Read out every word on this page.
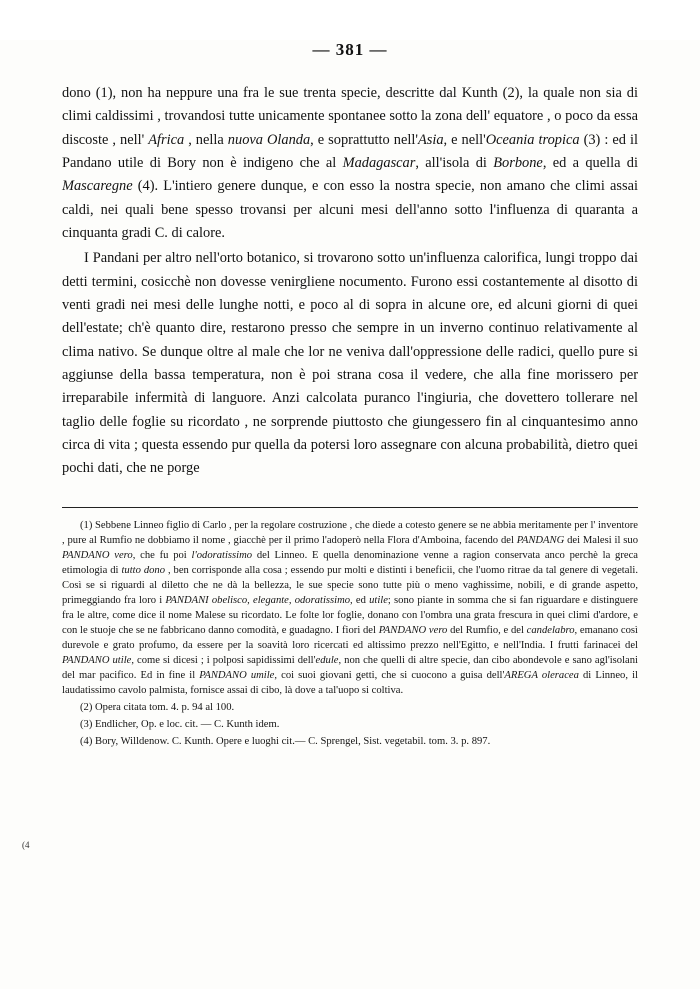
— 381 —

dono (1), non ha neppure una fra le sue trenta specie, descritte dal Kunth (2), la quale non sia di climi caldissimi , trovandosi tutte unicamente spontanee sotto la zona dell' equatore , o poco da essa discoste , nell' Africa , nella nuova Olanda, e soprattutto nell'Asia, e nell'Oceania tropica (3) : ed il Pandano utile di Bory non è indigeno che al Madagascar, all'isola di Borbone, ed a quella di Mascaregne (4). L'intiero genere dunque, e con esso la nostra specie, non amano che climi assai caldi, nei quali bene spesso trovansi per alcuni mesi dell'anno sotto l'influenza di quaranta a cinquanta gradi C. di calore.

I Pandani per altro nell'orto botanico, si trovarono sotto un'influenza calorifica, lungi troppo dai detti termini, cosicchè non dovesse venirgliene nocumento. Furono essi costantemente al disotto di venti gradi nei mesi delle lunghe notti, e poco al di sopra in alcune ore, ed alcuni giorni di quei dell'estate; ch'è quanto dire, restarono presso che sempre in un inverno continuo relativamente al clima nativo. Se dunque oltre al male che lor ne veniva dall'oppressione delle radici, quello pure si aggiunse della bassa temperatura, non è poi strana cosa il vedere, che alla fine morissero per irreparabile infermità di languore. Anzi calcolata puranco l'ingiuria, che dovettero tollerare nel taglio delle foglie su ricordato , ne sorprende piuttosto che giungessero fin al cinquantesimo anno circa di vita ; questa essendo pur quella da potersi loro assegnare con alcuna probabilità, dietro quei pochi dati, che ne porge

(1) Sebbene Linneo figlio di Carlo , per la regolare costruzione , che diede a cotesto genere se ne abbia meritamente per l' inventore , pure al Rumfio ne dobbiamo il nome , giacchè per il primo l'adoperò nella Flora d'Amboina, facendo del PANDANG dei Malesi il suo PANDANO vero, che fu poi l'odoratissimo del Linneo. E quella denominazione venne a ragion conservata anco perchè la greca etimologia di tutto dono , ben corrisponde alla cosa ; essendo pur molti e distinti i beneficii, che l'uomo ritrae da tal genere di vegetali. Così se si riguardi al diletto che ne dà la bellezza, le sue specie sono tutte più o meno vaghissime, nobili, e di grande aspetto, primeggiando fra loro i PANDANI obelisco, elegante, odoratissimo, ed utile; sono piante in somma che si fan riguardare e distinguere fra le altre, come dice il nome Malese su ricordato. Le folte lor foglie, donano con l'ombra una grata frescura in quei climi d'ardore, e con le stuoje che se ne fabbricano danno comodità, e guadagno. I fiori del PANDANO vero del Rumfio, e del candelabro, emanano così durevole e grato profumo, da essere per la soavità loro ricercati ed altissimo prezzo nell'Egitto, e nell'India. I frutti farinacei del PANDANO utile, come si dicesi ; i polposi sapidissimi dell'edule, non che quelli di altre specie, dan cibo abondevole e sano agl'isolani del mar pacifico. Ed in fine il PANDANO umile, coi suoi giovani getti, che si cuocono a guisa dell'AREGA oleracea di Linneo, il laudatissimo cavolo palmista, fornisce assai di cibo, là dove a tal'uopo si coltiva.

(2) Opera citata tom. 4. p. 94 al 100.

(3) Endlicher, Op. e loc. cit. — C. Kunth idem.

(4) Bory, Willdenow. C. Kunth. Opere e luoghi cit.— C. Sprengel, Sist. vegetabil. tom. 3. p. 897.

(4
